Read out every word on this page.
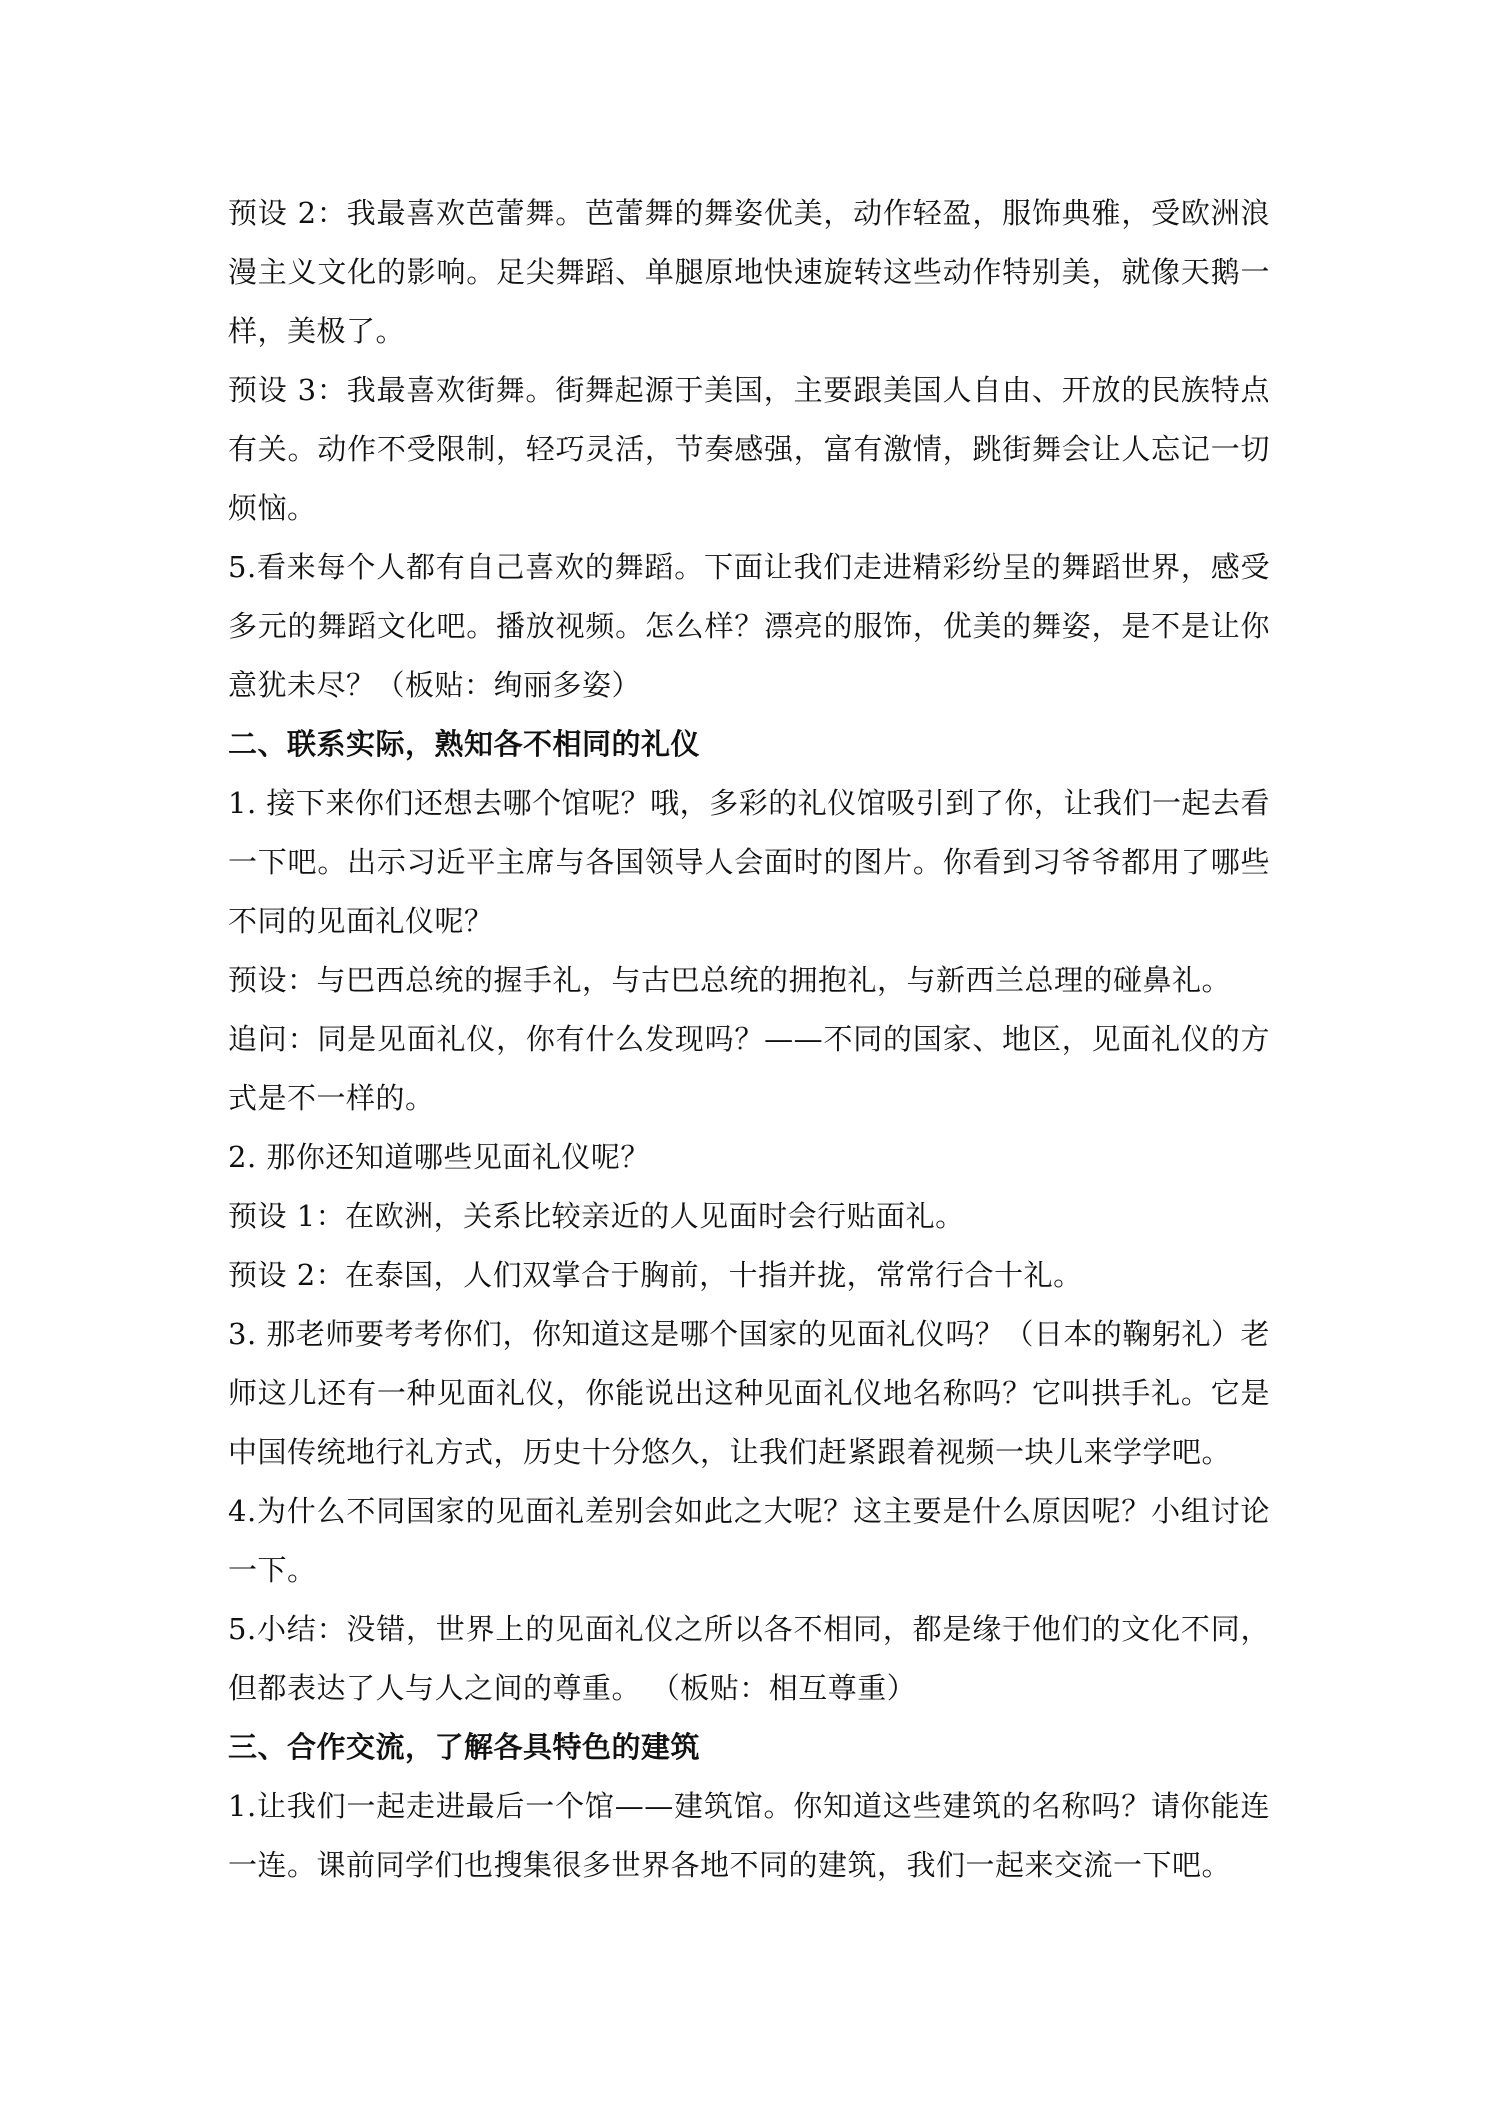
预设 2：我最喜欢芭蕾舞。芭蕾舞的舞姿优美，动作轻盈，服饰典雅，受欧洲浪漫主义文化的影响。足尖舞蹈、单腿原地快速旋转这些动作特别美，就像天鹅一样，美极了。

预设 3：我最喜欢街舞。街舞起源于美国，主要跟美国人自由、开放的民族特点有关。动作不受限制，轻巧灵活，节奏感强，富有激情，跳街舞会让人忘记一切烦恼。

5.看来每个人都有自己喜欢的舞蹈。下面让我们走进精彩纷呈的舞蹈世界，感受多元的舞蹈文化吧。播放视频。怎么样？漂亮的服饰，优美的舞姿，是不是让你意犹未尽？（板贴：绚丽多姿）

二、联系实际，熟知各不相同的礼仪

1. 接下来你们还想去哪个馆呢？哦，多彩的礼仪馆吸引到了你，让我们一起去看一下吧。出示习近平主席与各国领导人会面时的图片。你看到习爷爷都用了哪些不同的见面礼仪呢？

预设：与巴西总统的握手礼，与古巴总统的拥抱礼，与新西兰总理的碰鼻礼。

追问：同是见面礼仪，你有什么发现吗？——不同的国家、地区，见面礼仪的方式是不一样的。

2. 那你还知道哪些见面礼仪呢？

预设 1：在欧洲，关系比较亲近的人见面时会行贴面礼。

预设 2：在泰国，人们双掌合于胸前，十指并拢，常常行合十礼。

3. 那老师要考考你们，你知道这是哪个国家的见面礼仪吗？（日本的鞠躬礼）老师这儿还有一种见面礼仪，你能说出这种见面礼仪地名称吗？它叫拱手礼。它是中国传统地行礼方式，历史十分悠久，让我们赶紧跟着视频一块儿来学学吧。

4.为什么不同国家的见面礼差别会如此之大呢？这主要是什么原因呢？小组讨论一下。

5.小结：没错，世界上的见面礼仪之所以各不相同，都是缘于他们的文化不同，但都表达了人与人之间的尊重。 （板贴：相互尊重）

三、合作交流，了解各具特色的建筑

1.让我们一起走进最后一个馆——建筑馆。你知道这些建筑的名称吗？请你能连一连。课前同学们也搜集很多世界各地不同的建筑，我们一起来交流一下吧。
